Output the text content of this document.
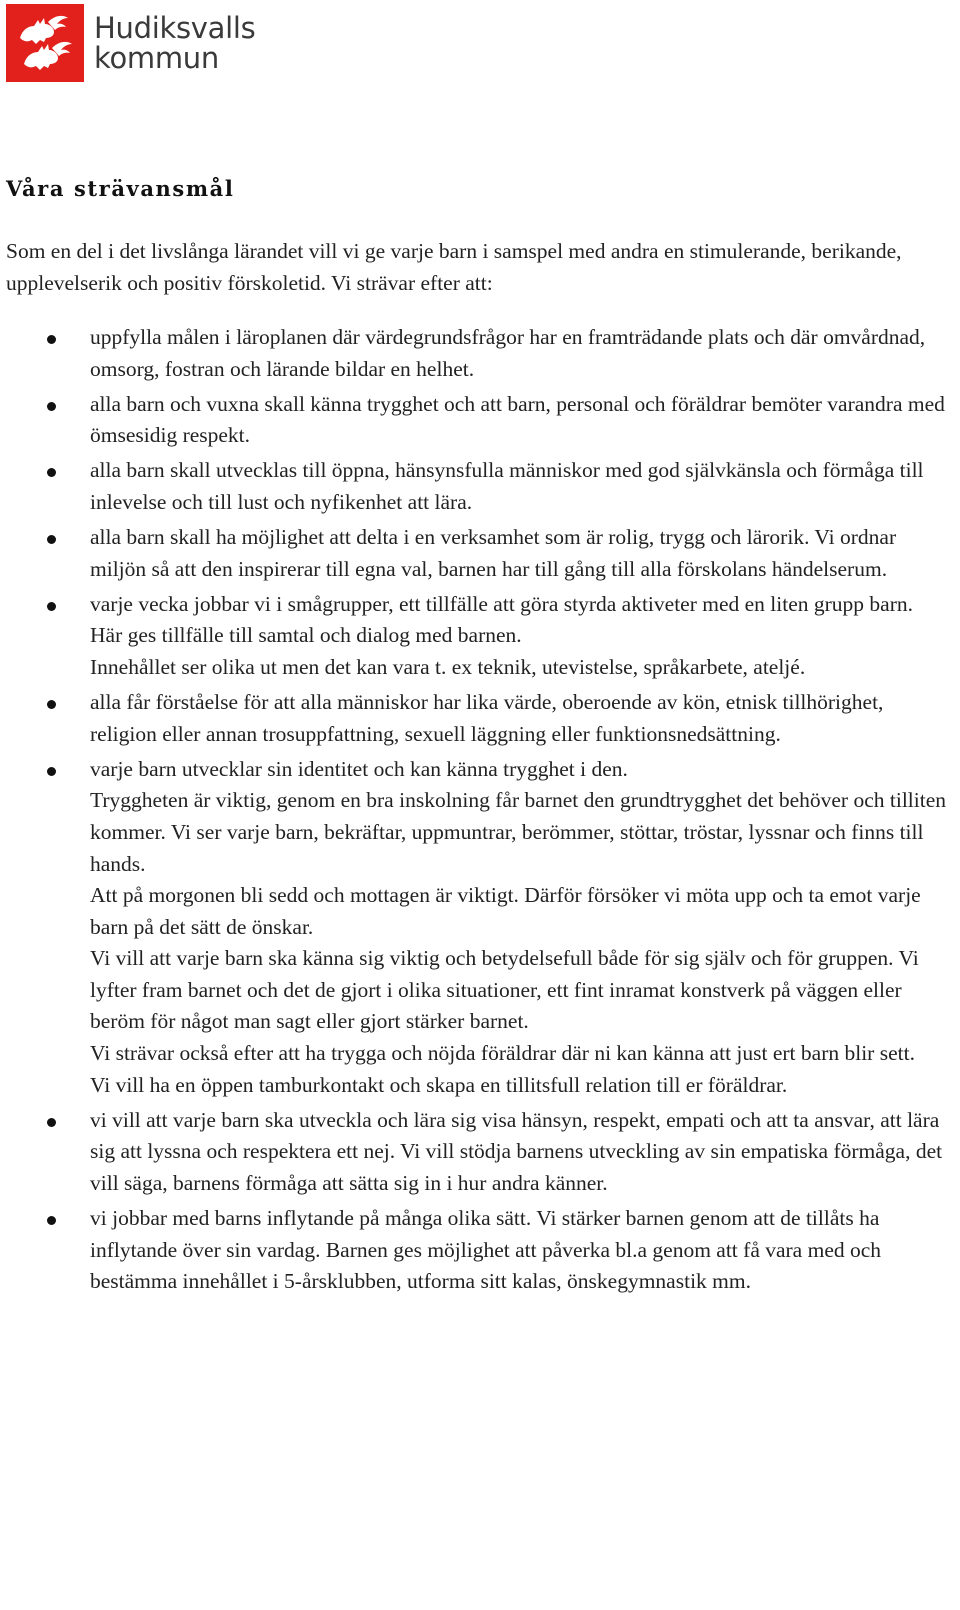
Hudiksvalls
kommun
Våra strävansmål

Som en del i det livslånga lärandet vill vi ge varje barn i samspel med andra en stimulerande, berikande, upplevelserik och positiv förskoletid. Vi strävar efter att:

uppfylla målen i läroplanen där värdegrundsfrågor har en framträdande plats och där omvårdnad, omsorg, fostran och lärande bildar en helhet.
alla barn och vuxna skall känna trygghet och att barn, personal och föräldrar bemöter varandra med ömsesidig respekt.
alla barn skall utvecklas till öppna, hänsynsfulla människor med god självkänsla och förmåga till inlevelse och till lust och nyfikenhet att lära.
alla barn skall ha möjlighet att delta i en verksamhet som är rolig, trygg och lärorik. Vi ordnar miljön så att den inspirerar till egna val, barnen har till gång till alla förskolans händelserum.
varje vecka jobbar vi i smågrupper, ett tillfälle att göra styrda aktiveter med en liten grupp barn. Här ges tillfälle till samtal och dialog med barnen.
Innehållet ser olika ut men det kan vara t. ex teknik, utevistelse, språkarbete, ateljé.
alla får förståelse för att alla människor har lika värde, oberoende av kön, etnisk tillhörighet, religion eller annan trosuppfattning, sexuell läggning eller funktionsnedsättning.
varje barn utvecklar sin identitet och kan känna trygghet i den.
Tryggheten är viktig, genom en bra inskolning får barnet den grundtrygghet det behöver och tilliten kommer. Vi ser varje barn, bekräftar, uppmuntrar, berömmer, stöttar, tröstar, lyssnar och finns till hands.
Att på morgonen bli sedd och mottagen är viktigt. Därför försöker vi möta upp och ta emot varje barn på det sätt de önskar.
Vi vill att varje barn ska känna sig viktig och betydelsefull både för sig själv och för gruppen. Vi lyfter fram barnet och det de gjort i olika situationer, ett fint inramat konstverk på väggen eller beröm för något man sagt eller gjort stärker barnet.
Vi strävar också efter att ha trygga och nöjda föräldrar där ni kan känna att just ert barn blir sett.
Vi vill ha en öppen tamburkontakt och skapa en tillitsfull relation till er föräldrar.
vi vill att varje barn ska utveckla och lära sig visa hänsyn, respekt, empati och att ta ansvar, att lära sig att lyssna och respektera ett nej. Vi vill stödja barnens utveckling av sin empatiska förmåga, det vill säga, barnens förmåga att sätta sig in i hur andra känner.
vi jobbar med barns inflytande på många olika sätt. Vi stärker barnen genom att de tillåts ha inflytande över sin vardag. Barnen ges möjlighet att påverka bl.a genom att få vara med och bestämma innehållet i 5-årsklubben, utforma sitt kalas, önskegymnastik mm.
